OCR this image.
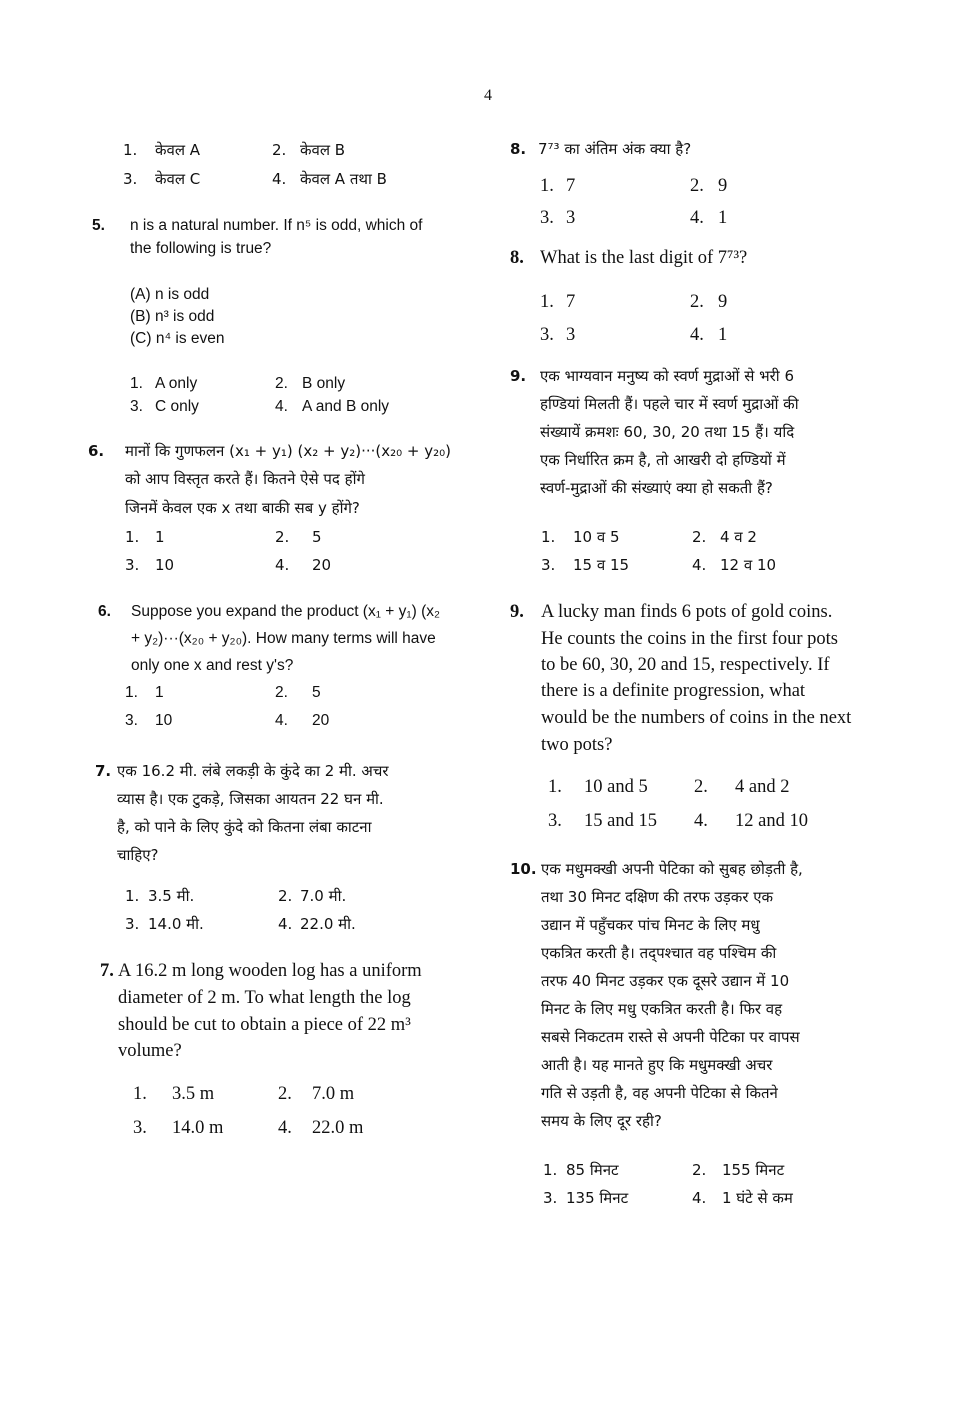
4
1. केवल A	2. केवल B
3. केवल C	4. केवल A तथा B
5. n is a natural number. If n⁵ is odd, which of
the following is true?
(A) n is odd
(B) n³ is odd
(C) n⁴ is even
1. A only	2. B only
3. C only	4. A and B only
6. मानों कि गुणफलन (x₁ + y₁) (x₂ + y₂)···(x₂₀ + y₂₀)
को आप विस्तृत करते हैं। कितने ऐसे पद होंगे
जिनमें केवल एक x तथा बाकी सब y होंगे?
1. 1	2. 5
3. 10	4. 20
6. Suppose you expand the product (x₁ + y₁) (x₂
+ y₂)···(x₂₀ + y₂₀). How many terms will have
only one x and rest y's?
1. 1	2. 5
3. 10	4. 20
7. एक 16.2 मी. लंबे लकड़ी के कुंदे का 2 मी. अचर
व्यास है। एक टुकड़े, जिसका आयतन 22 घन मी.
है, को पाने के लिए कुंदे को कितना लंबा काटना
चाहिए?
1. 3.5 मी.	2. 7.0 मी.
3. 14.0 मी.	4. 22.0 मी.
7. A 16.2 m long wooden log has a uniform
diameter of 2 m. To what length the log
should be cut to obtain a piece of 22 m³
volume?
1. 3.5 m	2. 7.0 m
3. 14.0 m	4. 22.0 m
8. 7⁷³ का अंतिम अंक क्या है?
1. 7	2. 9
3. 3	4. 1
8. What is the last digit of 7⁷³?
1. 7	2. 9
3. 3	4. 1
9. एक भाग्यवान मनुष्य को स्वर्ण मुद्राओं से भरी 6
हण्डियां मिलती हैं। पहले चार में स्वर्ण मुद्राओं की
संख्यायें क्रमशः 60, 30, 20 तथा 15 हैं। यदि
एक निर्धारित क्रम है, तो आखरी दो हण्डियों में
स्वर्ण-मुद्राओं की संख्याएं क्या हो सकती हैं?
1. 10 व 5	2. 4 व 2
3. 15 व 15	4. 12 व 10
9. A lucky man finds 6 pots of gold coins.
He counts the coins in the first four pots
to be 60, 30, 20 and 15, respectively. If
there is a definite progression, what
would be the numbers of coins in the next
two pots?
1. 10 and 5	2. 4 and 2
3. 15 and 15 4. 12 and 10
10. एक मधुमक्खी अपनी पेटिका को सुबह छोड़ती है,
तथा 30 मिनट दक्षिण की तरफ उड़कर एक
उद्यान में पहुँचकर पांच मिनट के लिए मधु
एकत्रित करती है। तद्पश्चात वह पश्चिम की
तरफ 40 मिनट उड़कर एक दूसरे उद्यान में 10
मिनट के लिए मधु एकत्रित करती है। फिर वह
सबसे निकटतम रास्ते से अपनी पेटिका पर वापस
आती है। यह मानते हुए कि मधुमक्खी अचर
गति से उड़ती है, वह अपनी पेटिका से कितने
समय के लिए दूर रही?
1. 85 मिनट	2. 155 मिनट
3. 135 मिनट	4. 1 घंटे से कम
